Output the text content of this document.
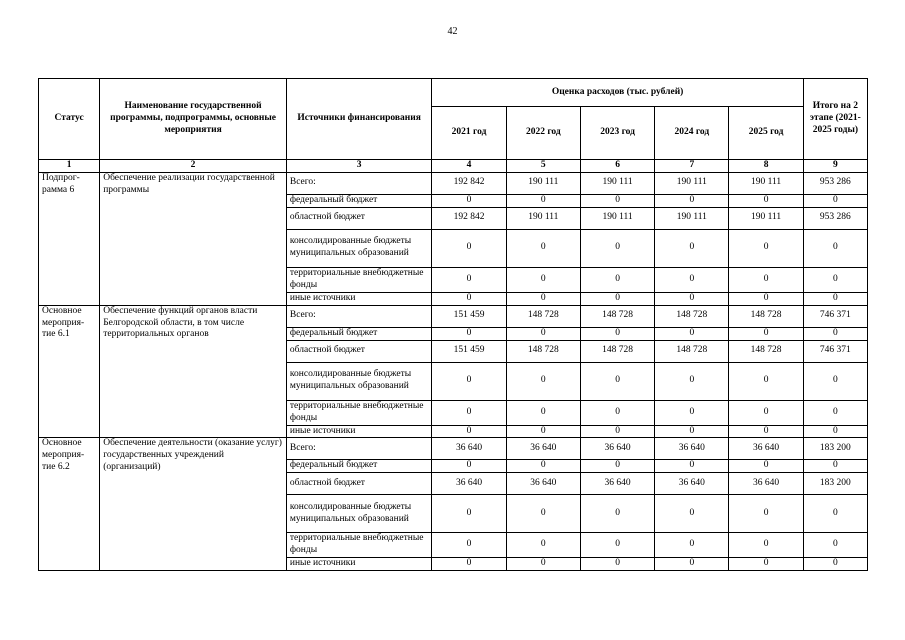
42
Статус	Наименование государственной программы, подпрограммы, основные мероприятия	Источники финансирования	Оценка расходов (тыс. рублей)					Итого на 2 этапе (2021-2025 годы)
			2021 год	2022 год	2023 год	2024 год	2025 год	
1	2	3	4	5	6	7	8	9
Подпрог-рамма 6	Обеспечение реализации государственной программы	Всего:	192 842	190 111	190 111	190 111	190 111	953 286
		федеральный бюджет	0	0	0	0	0	0
		областной бюджет	192 842	190 111	190 111	190 111	190 111	953 286
		консолидированные бюджеты муниципальных образований	0	0	0	0	0	0
		территориальные внебюджетные фонды	0	0	0	0	0	0
		иные источники	0	0	0	0	0	0
Основное мероприя-тие 6.1	Обеспечение функций органов власти Белгородской области, в том числе территориальных органов	Всего:	151 459	148 728	148 728	148 728	148 728	746 371
		федеральный бюджет	0	0	0	0	0	0
		областной бюджет	151 459	148 728	148 728	148 728	148 728	746 371
		консолидированные бюджеты муниципальных образований	0	0	0	0	0	0
		территориальные внебюджетные фонды	0	0	0	0	0	0
		иные источники	0	0	0	0	0	0
Основное мероприя-тие 6.2	Обеспечение деятельности (оказание услуг) государственных учреждений (организаций)	Всего:	36 640	36 640	36 640	36 640	36 640	183 200
		федеральный бюджет	0	0	0	0	0	0
		областной бюджет	36 640	36 640	36 640	36 640	36 640	183 200
		консолидированные бюджеты муниципальных образований	0	0	0	0	0	0
		территориальные внебюджетные фонды	0	0	0	0	0	0
		иные источники	0	0	0	0	0	0
